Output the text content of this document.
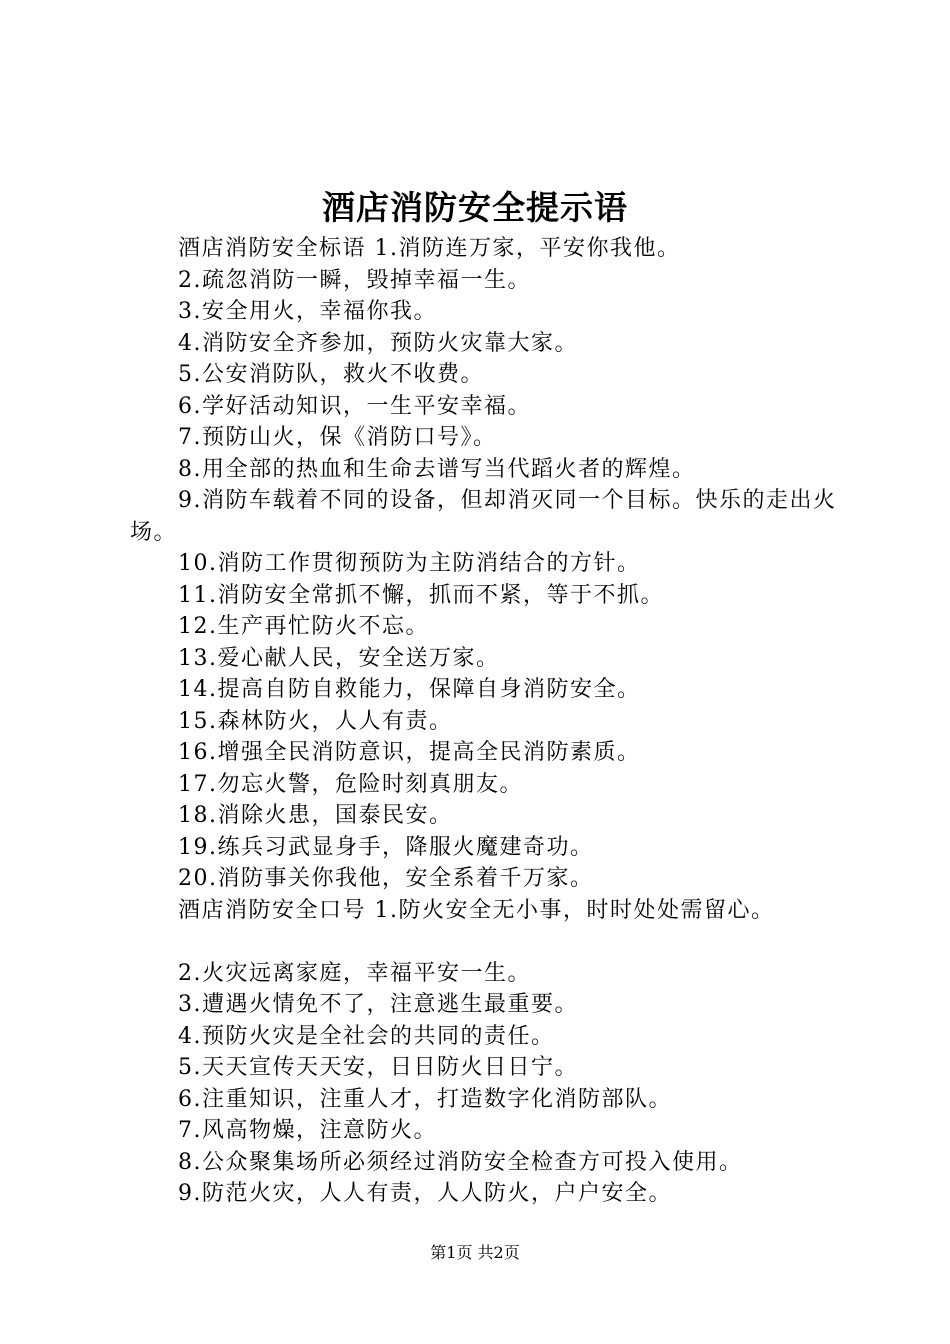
酒店消防安全提示语

酒店消防安全标语 1.消防连万家，平安你我他。

2.疏忽消防一瞬，毁掉幸福一生。

3.安全用火，幸福你我。

4.消防安全齐参加，预防火灾靠大家。

5.公安消防队，救火不收费。

6.学好活动知识，一生平安幸福。

7.预防山火，保《消防口号》。

8.用全部的热血和生命去谱写当代蹈火者的辉煌。

9.消防车载着不同的设备，但却消灭同一个目标。快乐的走出火场。

10.消防工作贯彻预防为主防消结合的方针。

11.消防安全常抓不懈，抓而不紧，等于不抓。

12.生产再忙防火不忘。

13.爱心献人民，安全送万家。

14.提高自防自救能力，保障自身消防安全。

15.森林防火，人人有责。

16.增强全民消防意识，提高全民消防素质。

17.勿忘火警，危险时刻真朋友。

18.消除火患，国泰民安。

19.练兵习武显身手，降服火魔建奇功。

20.消防事关你我他，安全系着千万家。

酒店消防安全口号 1.防火安全无小事，时时处处需留心。

2.火灾远离家庭，幸福平安一生。

3.遭遇火情免不了，注意逃生最重要。

4.预防火灾是全社会的共同的责任。

5.天天宣传天天安，日日防火日日宁。

6.注重知识，注重人才，打造数字化消防部队。

7.风高物燥，注意防火。

8.公众聚集场所必须经过消防安全检查方可投入使用。

9.防范火灾，人人有责，人人防火，户户安全。

第1页 共2页
